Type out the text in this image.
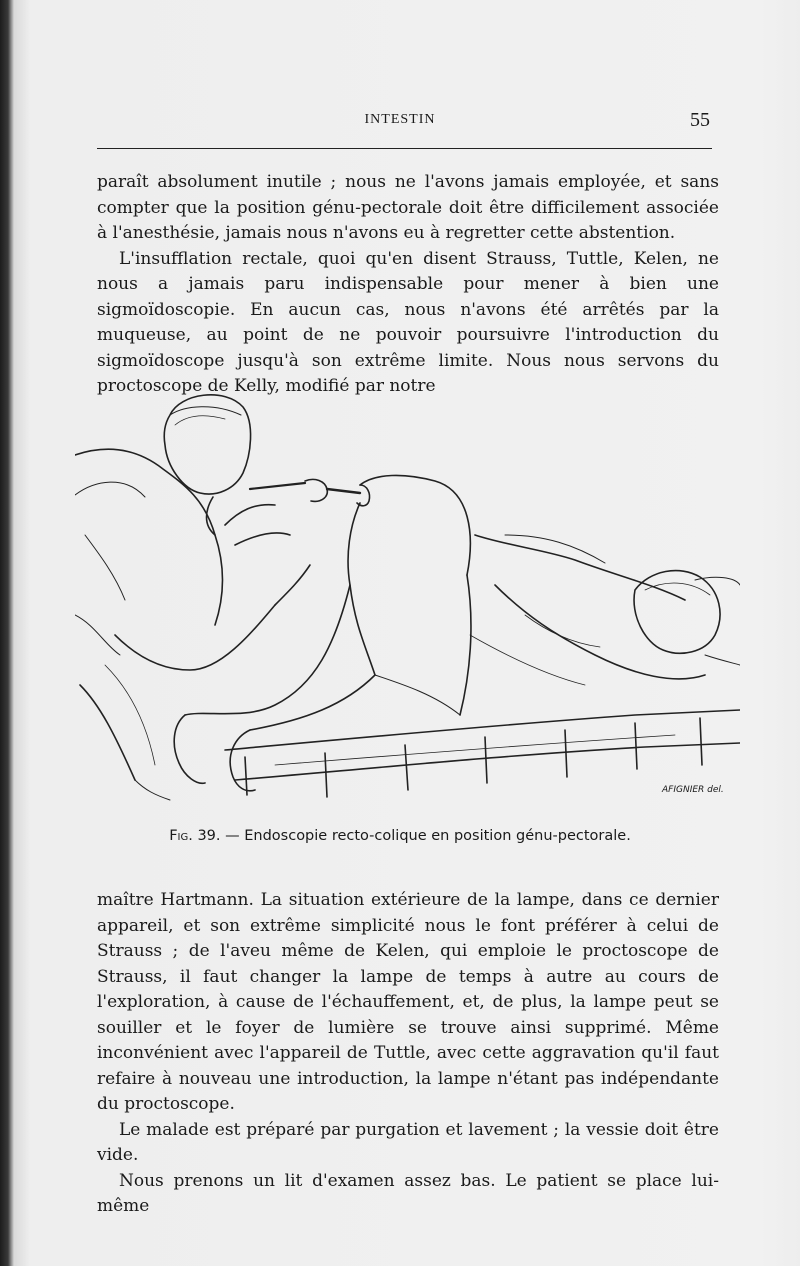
INTESTIN	55

paraît absolument inutile ; nous ne l'avons jamais employée, et sans compter que la position génu-pectorale doit être difficilement associée à l'anesthésie, jamais nous n'avons eu à regretter cette abstention.

L'insufflation rectale, quoi qu'en disent Strauss, Tuttle, Kelen, ne nous a jamais paru indispensable pour mener à bien une sigmoïdoscopie. En aucun cas, nous n'avons été arrêtés par la muqueuse, au point de ne pouvoir poursuivre l'introduction du sigmoïdoscope jusqu'à son extrême limite. Nous nous servons du proctoscope de Kelly, modifié par notre

AFIGNIER del.
Fig. 39. — Endoscopie recto-colique en position génu-pectorale.

maître Hartmann. La situation extérieure de la lampe, dans ce dernier appareil, et son extrême simplicité nous le font préférer à celui de Strauss ; de l'aveu même de Kelen, qui emploie le proctoscope de Strauss, il faut changer la lampe de temps à autre au cours de l'exploration, à cause de l'échauffement, et, de plus, la lampe peut se souiller et le foyer de lumière se trouve ainsi supprimé. Même inconvénient avec l'appareil de Tuttle, avec cette aggravation qu'il faut refaire à nouveau une introduction, la lampe n'étant pas indépendante du proctoscope.

Le malade est préparé par purgation et lavement ; la vessie doit être vide.

Nous prenons un lit d'examen assez bas. Le patient se place lui-même
